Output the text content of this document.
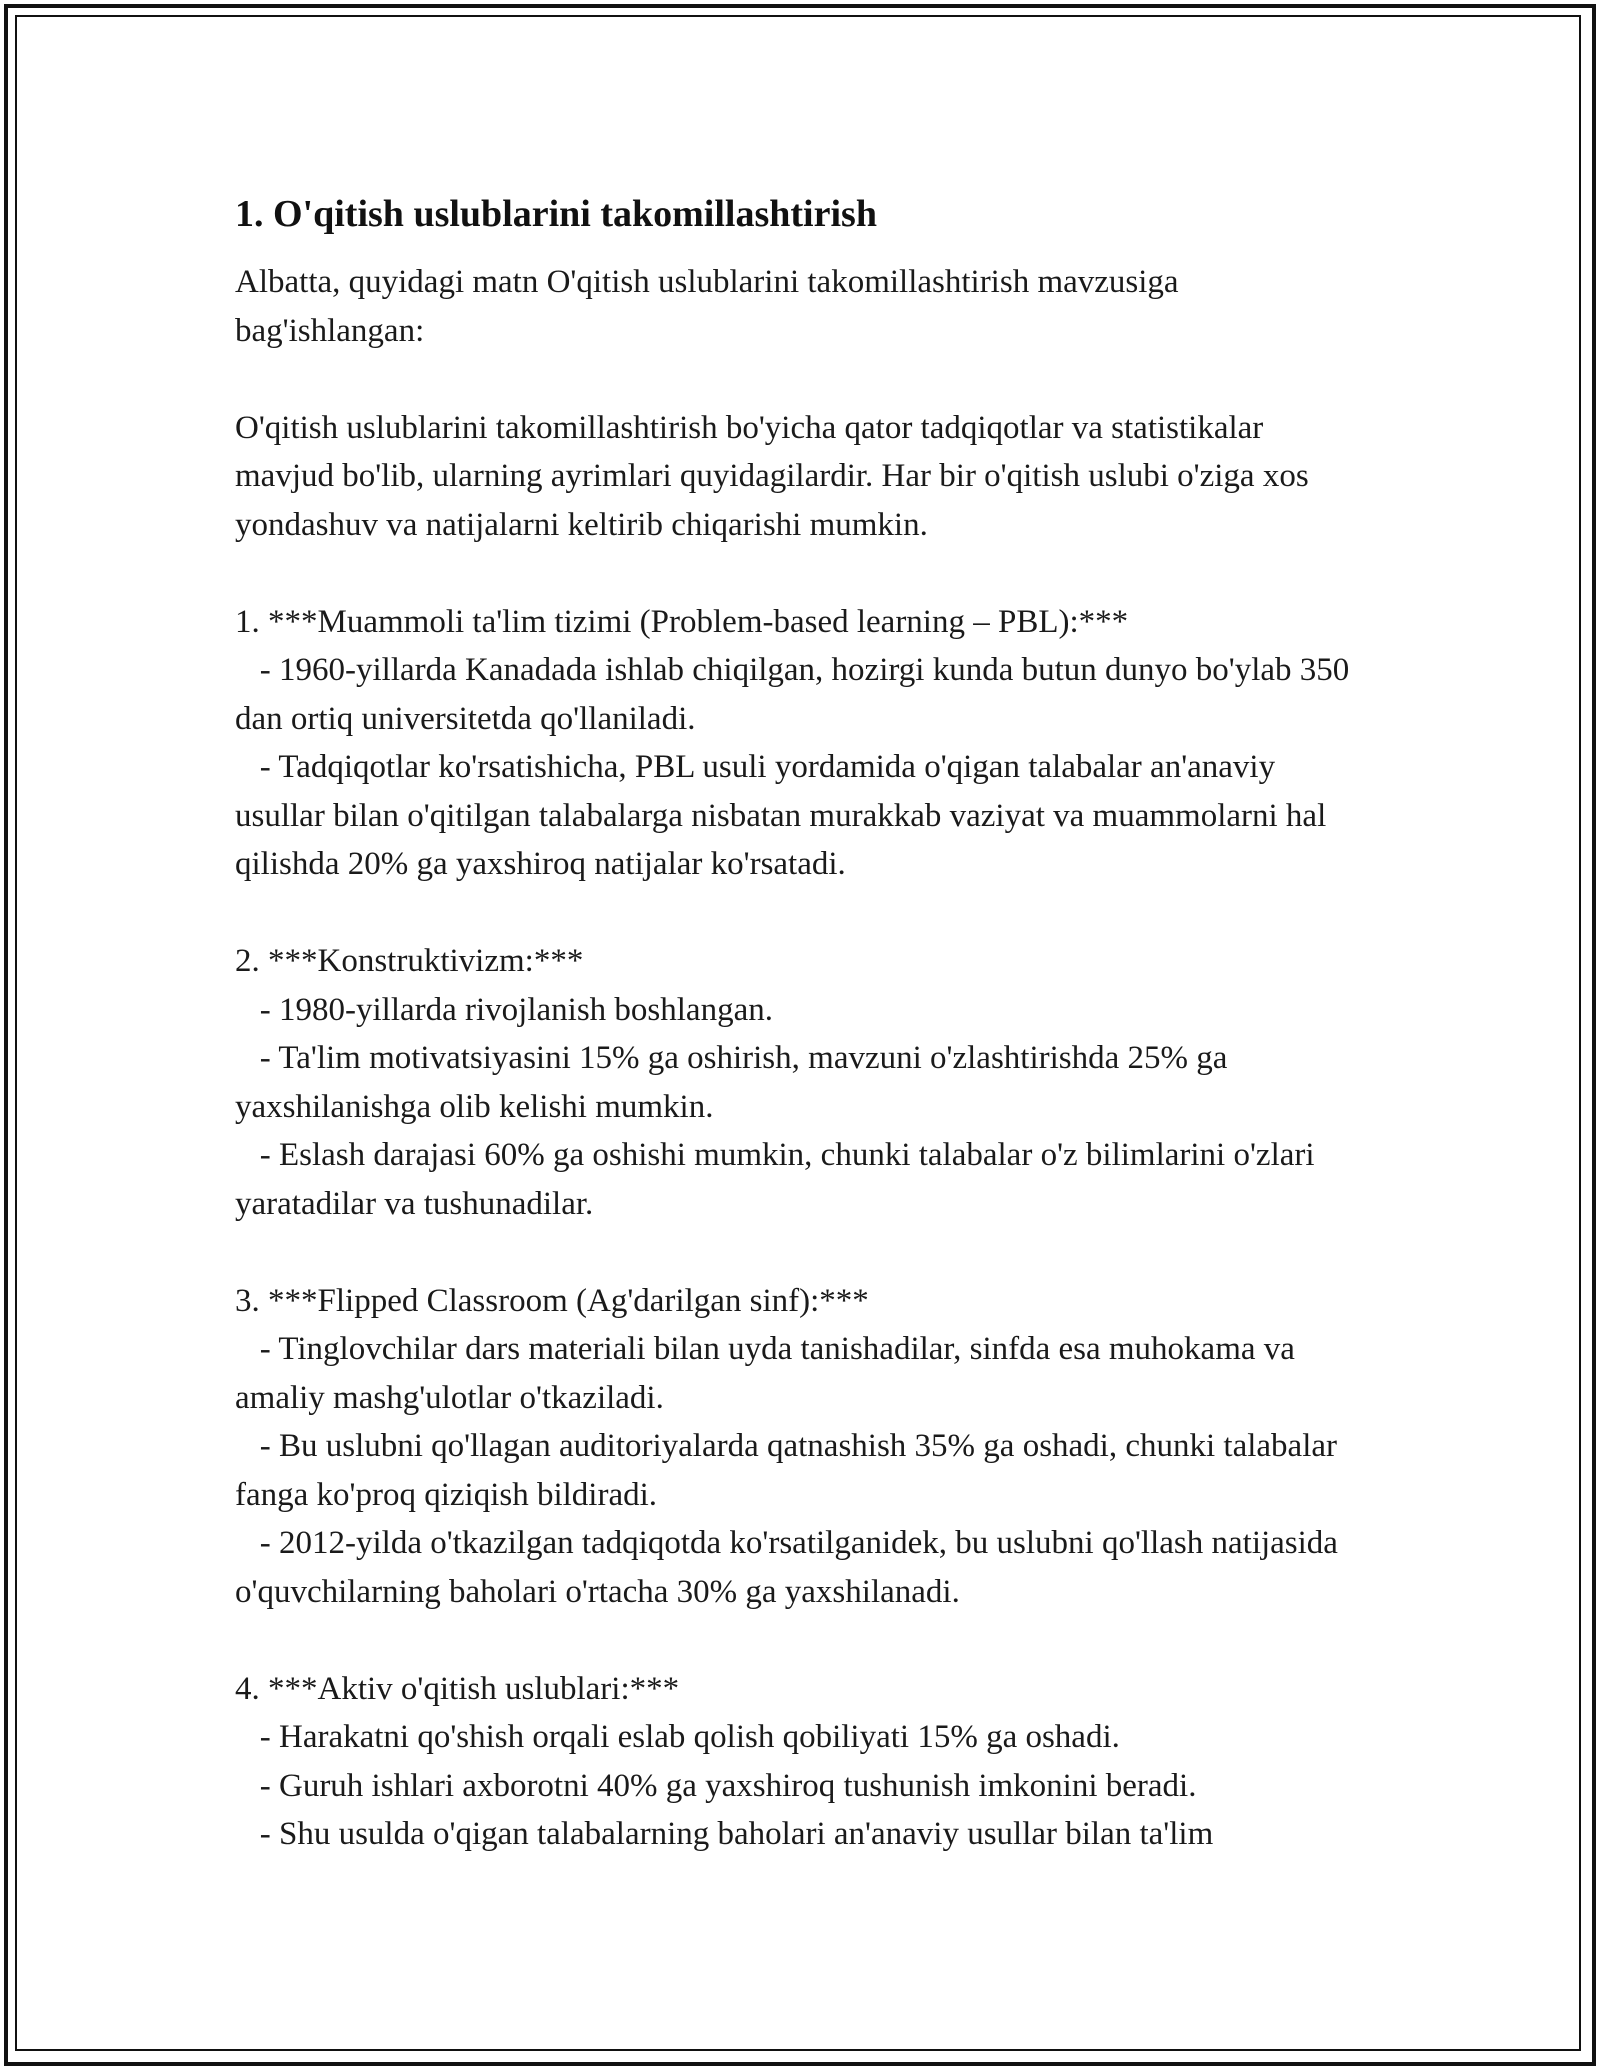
1. O'qitish uslublarini takomillashtirish

Albatta, quyidagi matn O'qitish uslublarini takomillashtirish mavzusiga bag'ishlangan:

O'qitish uslublarini takomillashtirish bo'yicha qator tadqiqotlar va statistikalar mavjud bo'lib, ularning ayrimlari quyidagilardir. Har bir o'qitish uslubi o'ziga xos yondashuv va natijalarni keltirib chiqarishi mumkin.

1. ***Muammoli ta'lim tizimi (Problem-based learning – PBL):***

- 1960-yillarda Kanadada ishlab chiqilgan, hozirgi kunda butun dunyo bo'ylab 350 dan ortiq universitetda qo'llaniladi.

- Tadqiqotlar ko'rsatishicha, PBL usuli yordamida o'qigan talabalar an'anaviy usullar bilan o'qitilgan talabalarga nisbatan murakkab vaziyat va muammolarni hal qilishda 20% ga yaxshiroq natijalar ko'rsatadi.

2. ***Konstruktivizm:***

- 1980-yillarda rivojlanish boshlangan.

- Ta'lim motivatsiyasini 15% ga oshirish, mavzuni o'zlashtirishda 25% ga yaxshilanishga olib kelishi mumkin.

- Eslash darajasi 60% ga oshishi mumkin, chunki talabalar o'z bilimlarini o'zlari yaratadilar va tushunadilar.

3. ***Flipped Classroom (Ag'darilgan sinf):***

- Tinglovchilar dars materiali bilan uyda tanishadilar, sinfda esa muhokama va amaliy mashg'ulotlar o'tkaziladi.

- Bu uslubni qo'llagan auditoriyalarda qatnashish 35% ga oshadi, chunki talabalar fanga ko'proq qiziqish bildiradi.

- 2012-yilda o'tkazilgan tadqiqotda ko'rsatilganidek, bu uslubni qo'llash natijasida o'quvchilarning baholari o'rtacha 30% ga yaxshilanadi.

4. ***Aktiv o'qitish uslublari:***

- Harakatni qo'shish orqali eslab qolish qobiliyati 15% ga oshadi.

- Guruh ishlari axborotni 40% ga yaxshiroq tushunish imkonini beradi.

- Shu usulda o'qigan talabalarning baholari an'anaviy usullar bilan ta'lim
